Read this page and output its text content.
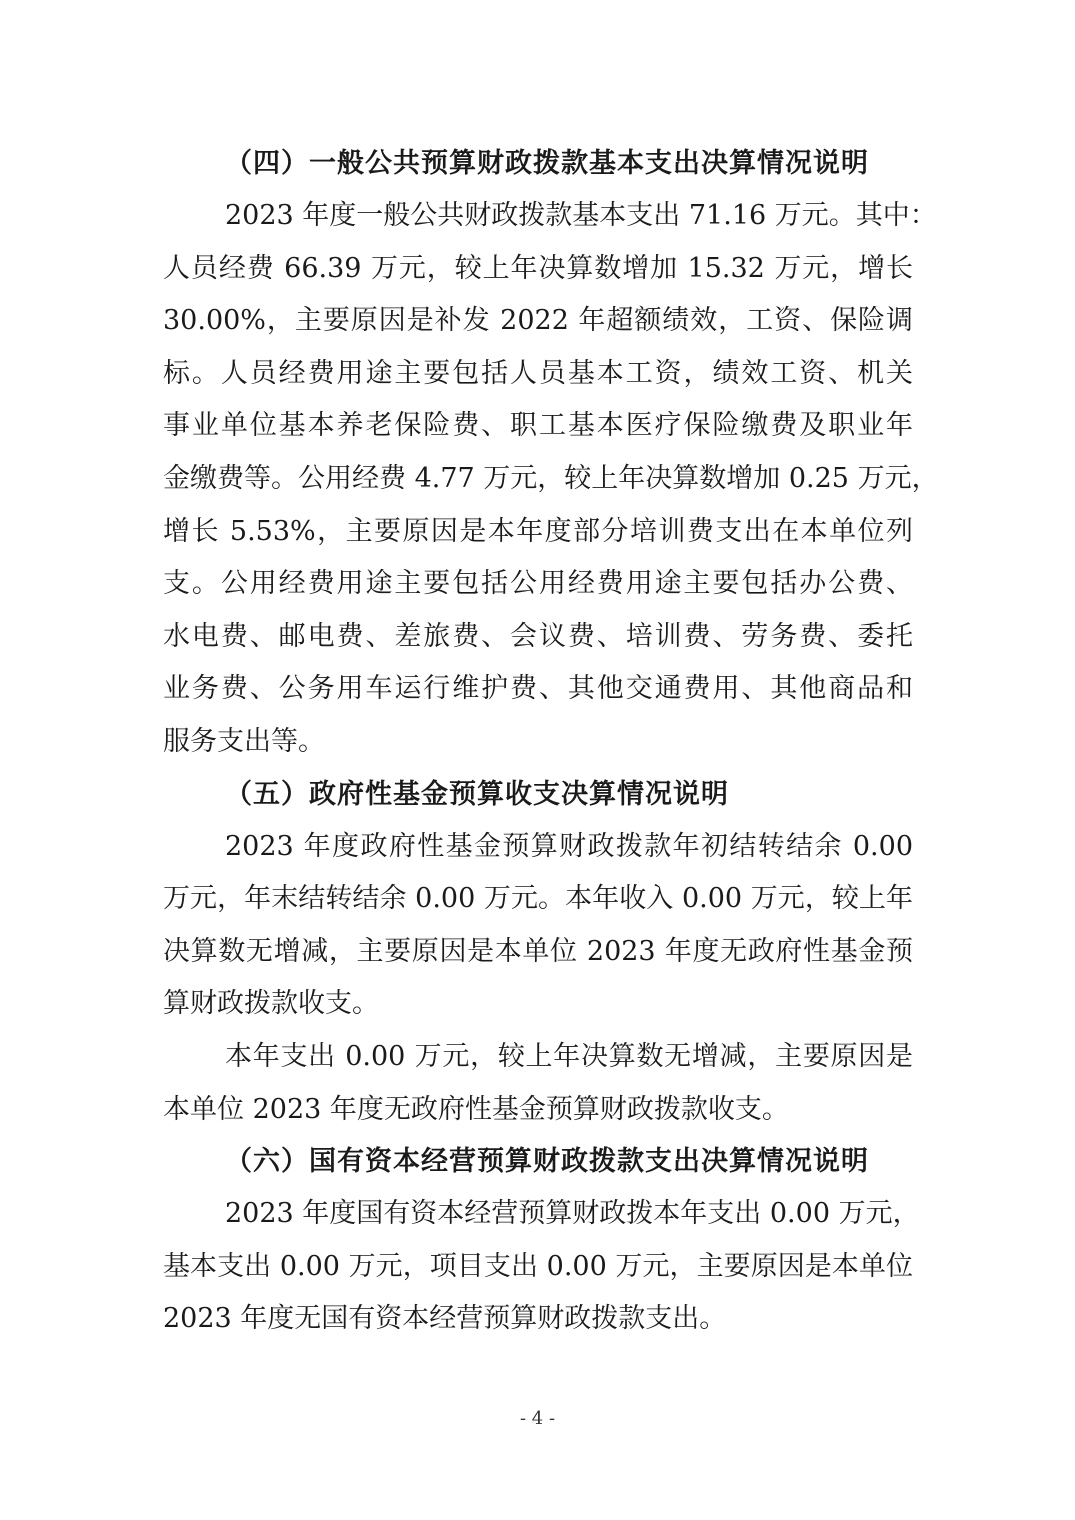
（四）一般公共预算财政拨款基本支出决算情况说明
2023 年度一般公共财政拨款基本支出 71.16 万元。其中：
人员经费 66.39 万元，较上年决算数增加 15.32 万元，增长
30.00%，主要原因是补发 2022 年超额绩效，工资、保险调
标。人员经费用途主要包括人员基本工资，绩效工资、机关
事业单位基本养老保险费、职工基本医疗保险缴费及职业年
金缴费等。公用经费 4.77 万元，较上年决算数增加 0.25 万元，
增长 5.53%，主要原因是本年度部分培训费支出在本单位列
支。公用经费用途主要包括公用经费用途主要包括办公费、
水电费、邮电费、差旅费、会议费、培训费、劳务费、委托
业务费、公务用车运行维护费、其他交通费用、其他商品和
服务支出等。
（五）政府性基金预算收支决算情况说明
2023 年度政府性基金预算财政拨款年初结转结余 0.00
万元，年末结转结余 0.00 万元。本年收入 0.00 万元，较上年
决算数无增减，主要原因是本单位 2023 年度无政府性基金预
算财政拨款收支。
本年支出 0.00 万元，较上年决算数无增减，主要原因是
本单位 2023 年度无政府性基金预算财政拨款收支。
（六）国有资本经营预算财政拨款支出决算情况说明
2023 年度国有资本经营预算财政拨本年支出 0.00 万元，
基本支出 0.00 万元，项目支出 0.00 万元，主要原因是本单位
2023 年度无国有资本经营预算财政拨款支出。
- 4 -
